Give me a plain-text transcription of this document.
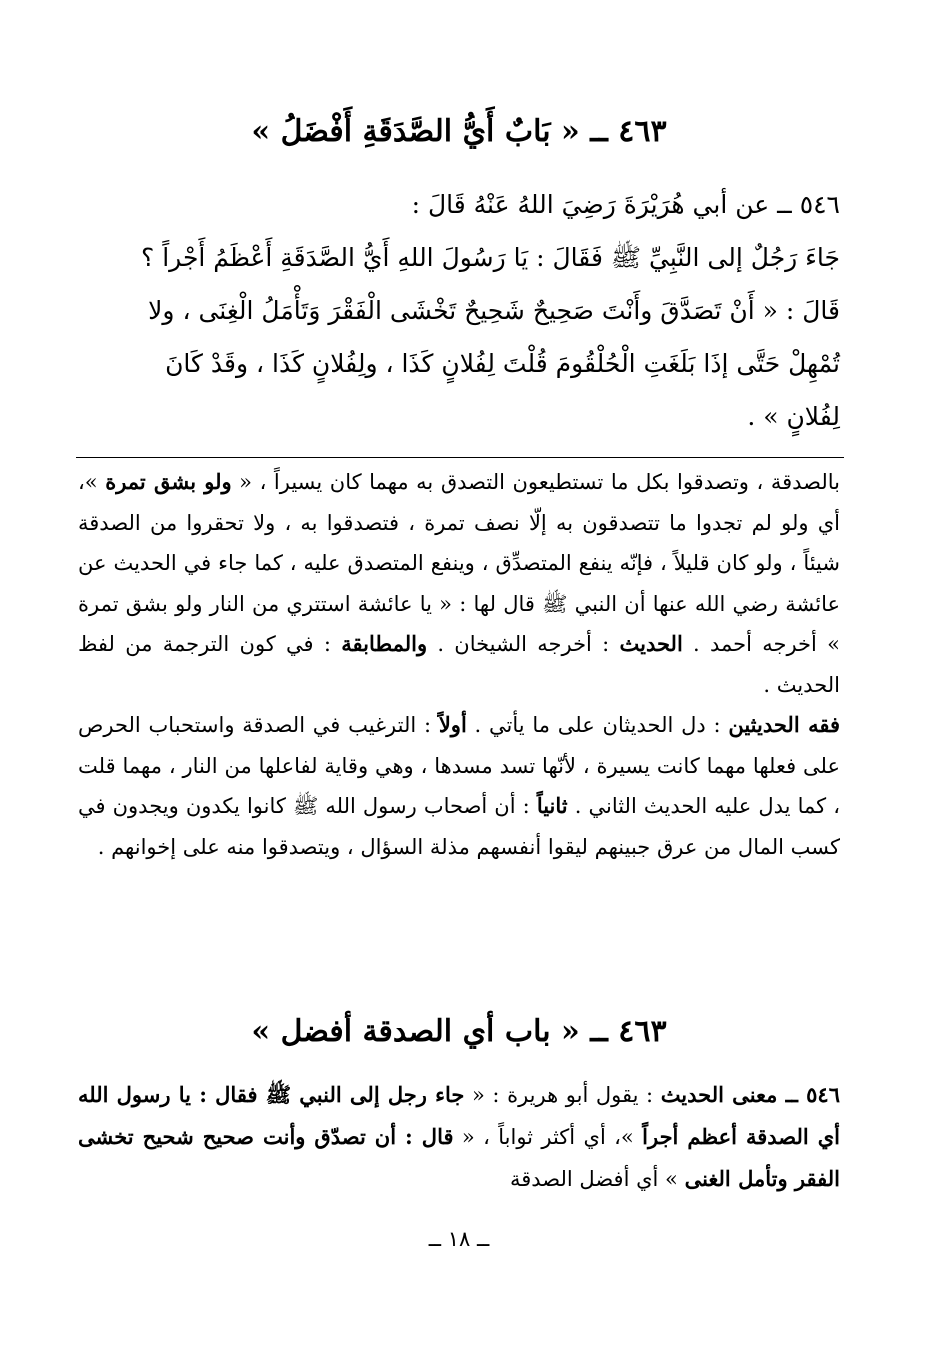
٤٦٣ ــ « بَابٌ أَيُّ الصَّدَقَةِ أَفْضَلُ »

٥٤٦ ــ عن أبي هُرَيْرَةَ رَضِيَ اللهُ عَنْهُ قَالَ :

جَاءَ رَجُلٌ إلى النَّبِيِّ ﷺ فَقَالَ : يَا رَسُولَ اللهِ أَيُّ الصَّدَقَةِ أَعْظَمُ أَجْراً ؟

قَالَ : « أَنْ تَصَدَّقَ وأَنْتَ صَحِيحٌ شَحِيحٌ تَخْشَى الْفَقْرَ وَتَأْمَلُ الْغِنَى ، ولا

تُمْهِلْ حَتَّى إذَا بَلَغَتِ الْحُلْقُومَ قُلْتَ لِفُلانٍ كَذَا ، ولِفُلانٍ كَذَا ، وقَدْ كَانَ

لِفُلانٍ » .

بالصدقة ، وتصدقوا بكل ما تستطيعون التصدق به مهما كان يسيراً ، « ولو بشق تمرة »، أي ولو لم تجدوا ما تتصدقون به إلّا نصف تمرة ، فتصدقوا به ، ولا تحقروا من الصدقة شيئاً ، ولو كان قليلاً ، فإنّه ينفع المتصدِّق ، وينفع المتصدق عليه ، كما جاء في الحديث عن عائشة رضي الله عنها أن النبي ﷺ قال لها : « يا عائشة استتري من النار ولو بشق تمرة » أخرجه أحمد . الحديث : أخرجه الشيخان . والمطابقة : في كون الترجمة من لفظ الحديث .

فقه الحديثين : دل الحديثان على ما يأتي . أولاً : الترغيب في الصدقة واستحباب الحرص على فعلها مهما كانت يسيرة ، لأنّها تسد مسدها ، وهي وقاية لفاعلها من النار ، مهما قلت ، كما يدل عليه الحديث الثاني . ثانياً : أن أصحاب رسول الله ﷺ كانوا يكدون ويجدون في كسب المال من عرق جبينهم ليقوا أنفسهم مذلة السؤال ، ويتصدقوا منه على إخوانهم .

٤٦٣ ــ « باب أي الصدقة أفضل »

٥٤٦ ــ معنى الحديث : يقول أبو هريرة : « جاء رجل إلى النبي ﷺ فقال : يا رسول الله أي الصدقة أعظم أجراً »، أي أكثر ثواباً ، « قال : أن تصدّق وأنت صحيح شحيح تخشى الفقر وتأمل الغنى » أي أفضل الصدقة

ــ ١٨ ــ
